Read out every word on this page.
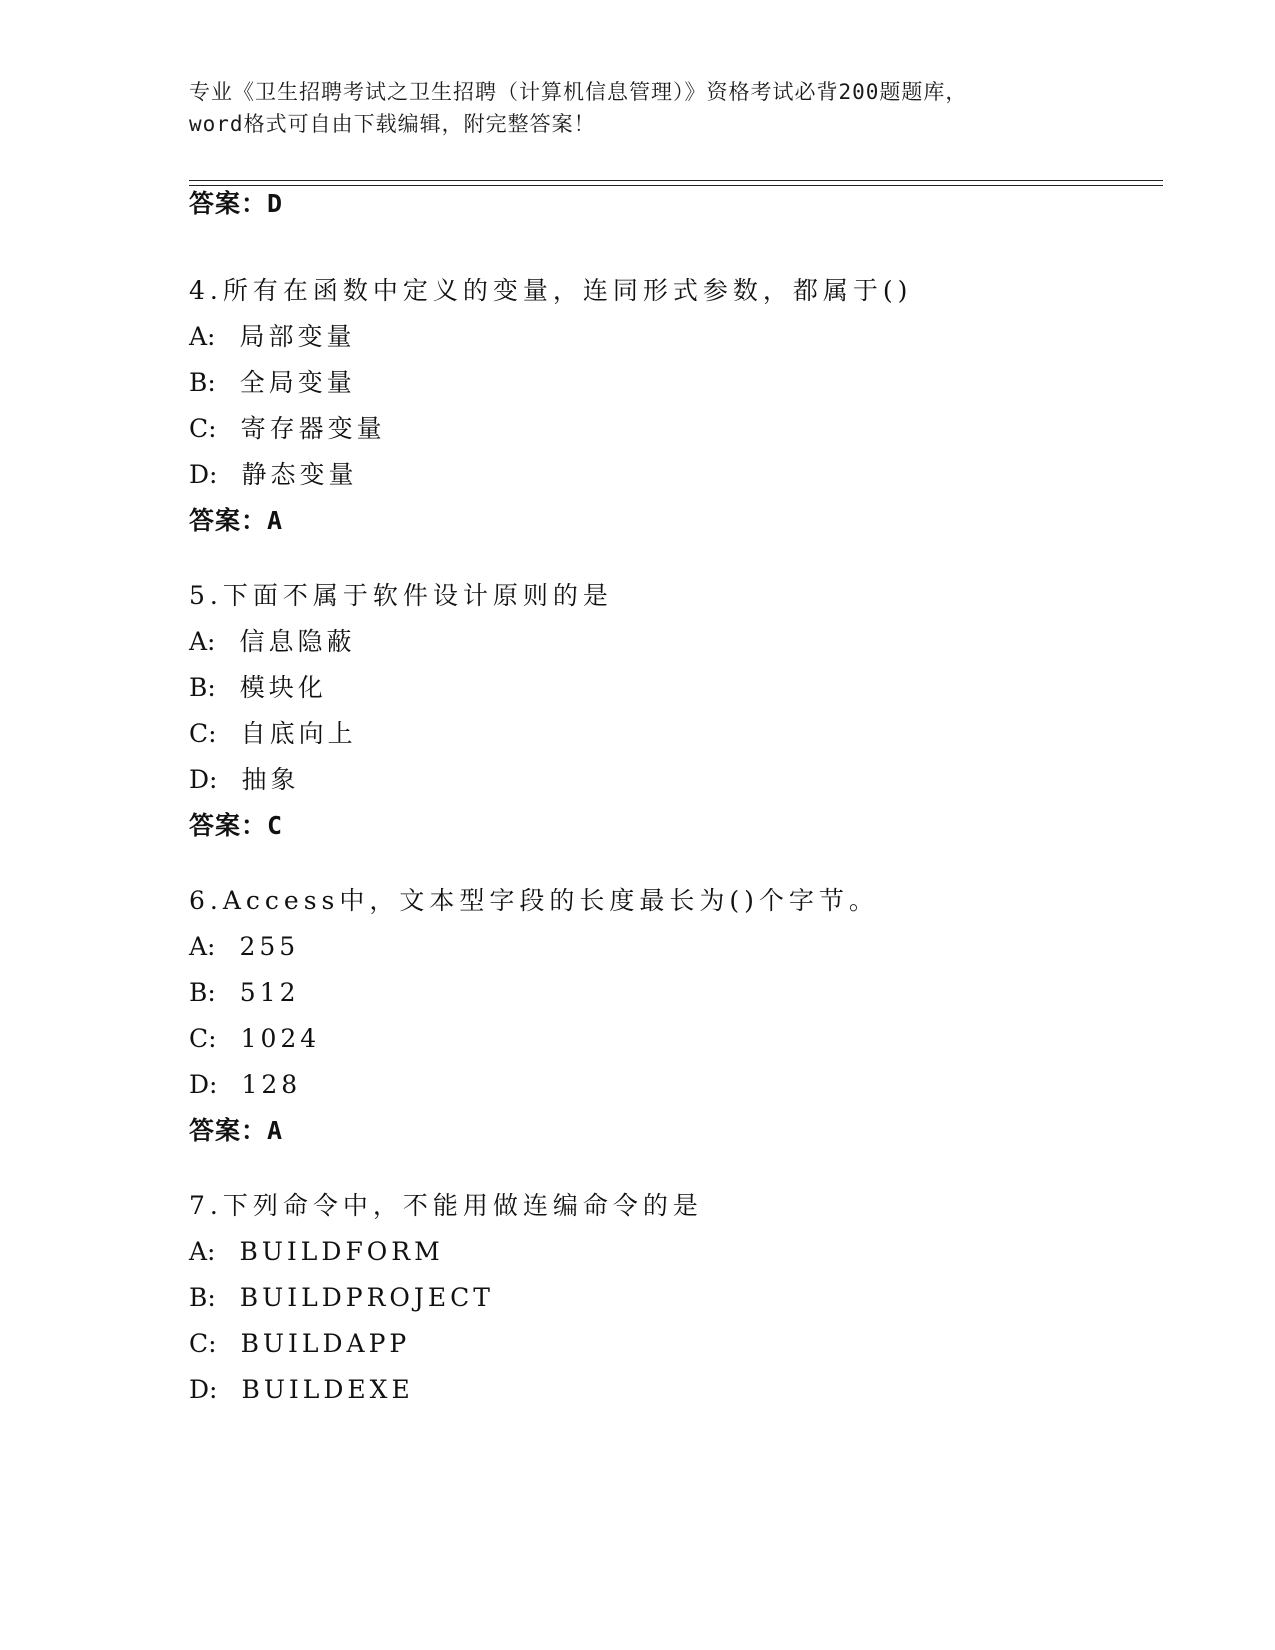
专业《卫生招聘考试之卫生招聘（计算机信息管理）》资格考试必背200题题库，
word格式可自由下载编辑，附完整答案！
答案：D
4.所有在函数中定义的变量，连同形式参数，都属于()
A: 局部变量
B: 全局变量
C: 寄存器变量
D: 静态变量
答案：A
5.下面不属于软件设计原则的是
A: 信息隐蔽
B: 模块化
C: 自底向上
D: 抽象
答案：C
6.Access中，文本型字段的长度最长为()个字节。
A: 255
B: 512
C: 1024
D: 128
答案：A
7.下列命令中，不能用做连编命令的是
A: BUILDFORM
B: BUILDPROJECT
C: BUILDAPP
D: BUILDEXE
